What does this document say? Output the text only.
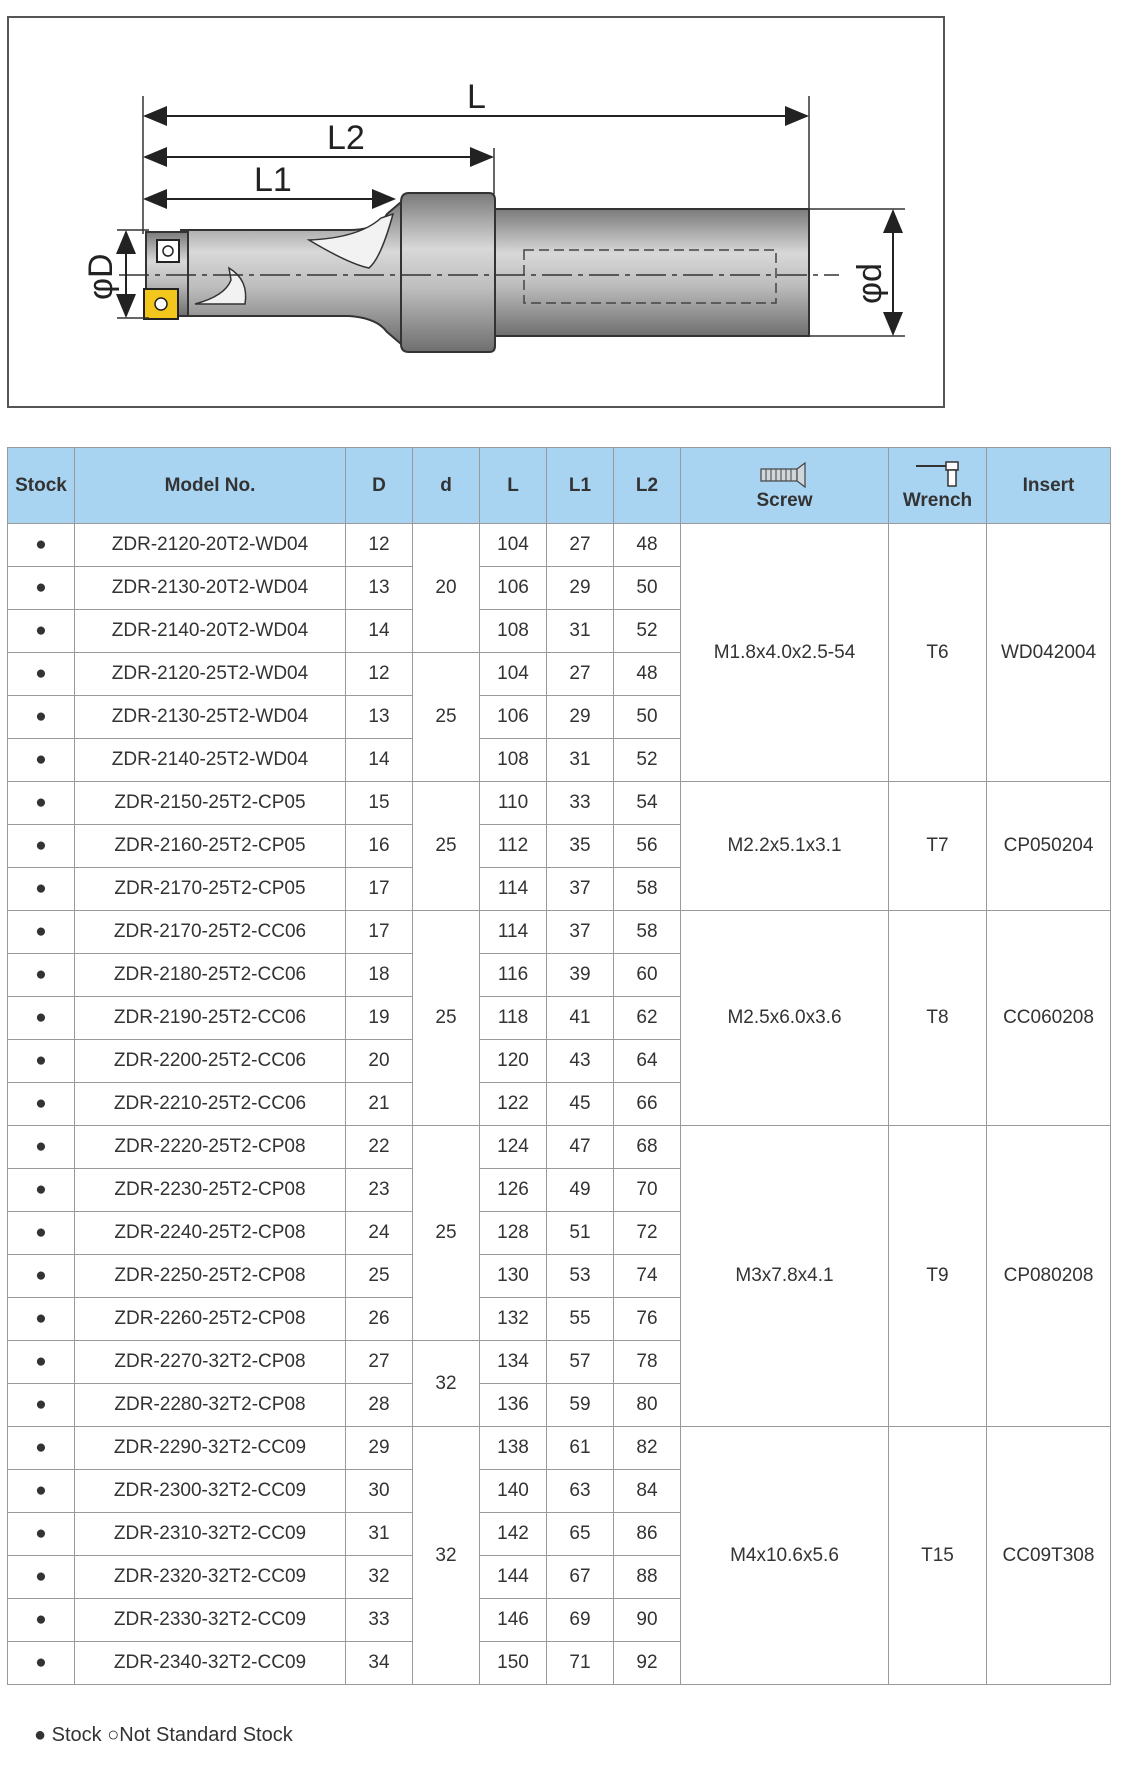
L
L2
L1
φD	φd
Stock	Model No.	D	d	L	L1	L2	Screw	Wrench	Insert
●	ZDR-2120-20T2-WD04	12	20	104	27	48	M1.8x4.0x2.5-54	T6	WD042004
●	ZDR-2130-20T2-WD04	13		106	29	50			
●	ZDR-2140-20T2-WD04	14		108	31	52			
●	ZDR-2120-25T2-WD04	12	25	104	27	48			
●	ZDR-2130-25T2-WD04	13		106	29	50			
●	ZDR-2140-25T2-WD04	14		108	31	52			
●	ZDR-2150-25T2-CP05	15	25	110	33	54	M2.2x5.1x3.1	T7	CP050204
●	ZDR-2160-25T2-CP05	16		112	35	56			
●	ZDR-2170-25T2-CP05	17		114	37	58			
●	ZDR-2170-25T2-CC06	17	25	114	37	58	M2.5x6.0x3.6	T8	CC060208
●	ZDR-2180-25T2-CC06	18		116	39	60			
●	ZDR-2190-25T2-CC06	19		118	41	62			
●	ZDR-2200-25T2-CC06	20		120	43	64			
●	ZDR-2210-25T2-CC06	21		122	45	66			
●	ZDR-2220-25T2-CP08	22	25	124	47	68	M3x7.8x4.1	T9	CP080208
●	ZDR-2230-25T2-CP08	23		126	49	70			
●	ZDR-2240-25T2-CP08	24		128	51	72			
●	ZDR-2250-25T2-CP08	25		130	53	74			
●	ZDR-2260-25T2-CP08	26		132	55	76			
●	ZDR-2270-32T2-CP08	27	32	134	57	78			
●	ZDR-2280-32T2-CP08	28		136	59	80			
●	ZDR-2290-32T2-CC09	29	32	138	61	82	M4x10.6x5.6	T15	CC09T308
●	ZDR-2300-32T2-CC09	30		140	63	84			
●	ZDR-2310-32T2-CC09	31		142	65	86			
●	ZDR-2320-32T2-CC09	32		144	67	88			
●	ZDR-2330-32T2-CC09	33		146	69	90			
●	ZDR-2340-32T2-CC09	34		150	71	92			
● Stock ○Not Standard Stock
